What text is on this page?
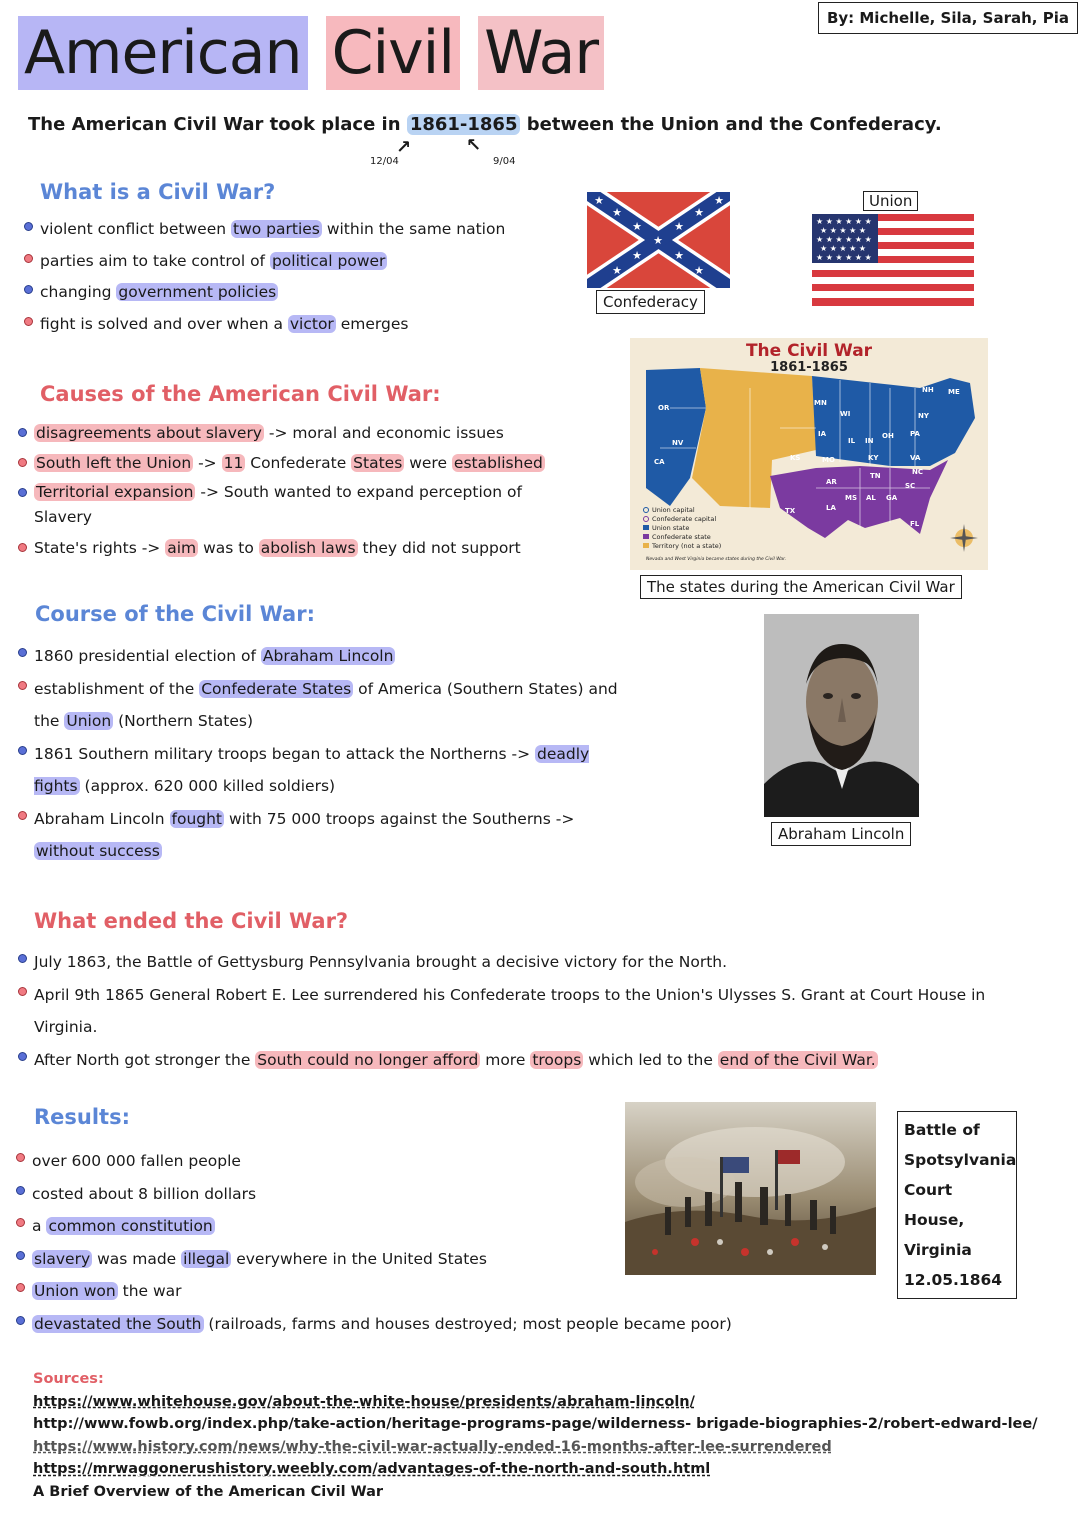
By: Michelle, Sila, Sarah, Pia
American Civil War
The American Civil War took place in 1861-1865 between the Union and the Confederacy.
↗	↖
12/04	9/04
What is a Civil War?
violent conflict between two parties within the same nation
parties aim to take control of political power
changing government policies
fight is solved and over when a victor emerges
★
★	★
★	★
★	★
★	★
★	★
Confederacy
Union
★ ★ ★ ★ ★ ★
★ ★ ★ ★ ★
★ ★ ★ ★ ★ ★
★ ★ ★ ★ ★
★ ★ ★ ★ ★ ★
OR
NV
CA
MN
WI
IA
IL IN
OH PA
NY
KS	MO	KY	VA
TX
AR
TN	NC
SC
MS AL GA
LA
FL
NH ME
The Civil War
1861-1865
Union capital
Confederate capital
Union state
Confederate state
Territory (not a state)
Nevada and West Virginia became states during the Civil War.
The states during the American Civil War
Causes of the American Civil War:
disagreements about slavery -> moral and economic issues
South left the Union -> 11 Confederate States were established
Territorial expansion -> South wanted to expand perception of Slavery
State's rights -> aim was to abolish laws they did not support
Course of the Civil War:
1860 presidential election of Abraham Lincoln
establishment of the Confederate States of America (Southern States) and the Union (Northern States)
1861 Southern military troops began to attack the Northerns -> deadly fights (approx. 620 000 killed soldiers)
Abraham Lincoln fought with 75 000 troops against the Southerns -> without success
Abraham Lincoln
What ended the Civil War?
July 1863, the Battle of Gettysburg Pennsylvania brought a decisive victory for the North.
April 9th 1865 General Robert E. Lee surrendered his Confederate troops to the Union's Ulysses S. Grant at Court House in Virginia.
After North got stronger the South could no longer afford more troops which led to the end of the Civil War.
Results:
over 600 000 fallen people
costed about 8 billion dollars
a common constitution
slavery was made illegal everywhere in the United States
Union won the war
devastated the South (railroads, farms and houses destroyed; most people became poor)
Battle of
Spotsylvania
Court House,
Virginia
12.05.1864
Sources:
https://www.whitehouse.gov/about-the-white-house/presidents/abraham-lincoln/
http://www.fowb.org/index.php/take-action/heritage-programs-page/wilderness- brigade-biographies-2/robert-edward-lee/
https://www.history.com/news/why-the-civil-war-actually-ended-16-months-after-lee-surrendered
https://mrwaggonerushistory.weebly.com/advantages-of-the-north-and-south.html
A Brief Overview of the American Civil War
